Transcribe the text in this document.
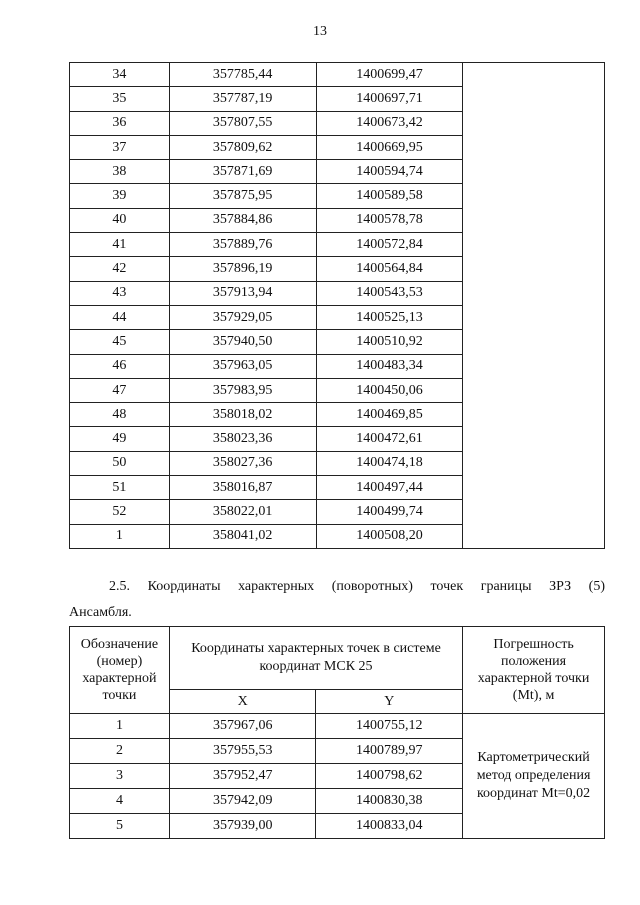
13
34	357785,44	1400699,47	
35	357787,19	1400697,71	
36	357807,55	1400673,42	
37	357809,62	1400669,95	
38	357871,69	1400594,74	
39	357875,95	1400589,58	
40	357884,86	1400578,78	
41	357889,76	1400572,84	
42	357896,19	1400564,84	
43	357913,94	1400543,53	
44	357929,05	1400525,13	
45	357940,50	1400510,92	
46	357963,05	1400483,34	
47	357983,95	1400450,06	
48	358018,02	1400469,85	
49	358023,36	1400472,61	
50	358027,36	1400474,18	
51	358016,87	1400497,44	
52	358022,01	1400499,74	
1	358041,02	1400508,20	
2.5. Координаты характерных (поворотных) точек границы ЗРЗ (5)
Ансамбля.
Обозначение (номер) характерной точки	Координаты характерных точек в системе координат МСК 25		Погрешность положения характерной точки (Mt), м
	X	Y	
1	357967,06	1400755,12	Картометрический метод определения координат Mt=0,02
2	357955,53	1400789,97	
3	357952,47	1400798,62	
4	357942,09	1400830,38	
5	357939,00	1400833,04	
